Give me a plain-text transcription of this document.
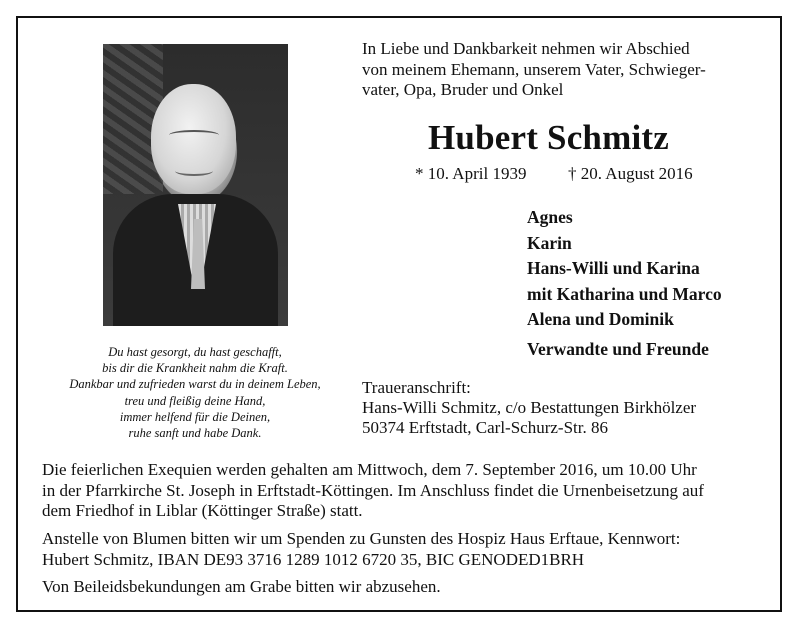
Du hast gesorgt, du hast geschafft,
bis dir die Krankheit nahm die Kraft.
Dankbar und zufrieden warst du in deinem Leben,
treu und fleißig deine Hand,
immer helfend für die Deinen,
ruhe sanft und habe Dank.
In Liebe und Dankbarkeit nehmen wir Abschied
von meinem Ehemann, unserem Vater, Schwieger-
vater, Opa, Bruder und Onkel
Hubert Schmitz
* 10. April 1939 † 20. August 2016
Agnes
Karin
Hans-Willi und Karina
mit Katharina und Marco
Alena und Dominik
Verwandte und Freunde
Traueranschrift:
Hans-Willi Schmitz, c/o Bestattungen Birkhölzer
50374 Erftstadt, Carl-Schurz-Str. 86
Die feierlichen Exequien werden gehalten am Mittwoch, dem 7. September 2016, um 10.00 Uhr
in der Pfarrkirche St. Joseph in Erftstadt-Köttingen. Im Anschluss findet die Urnenbeisetzung auf
dem Friedhof in Liblar (Köttinger Straße) statt.
Anstelle von Blumen bitten wir um Spenden zu Gunsten des Hospiz Haus Erftaue, Kennwort:
Hubert Schmitz, IBAN DE93 3716 1289 1012 6720 35, BIC GENODED1BRH
Von Beileidsbekundungen am Grabe bitten wir abzusehen.
